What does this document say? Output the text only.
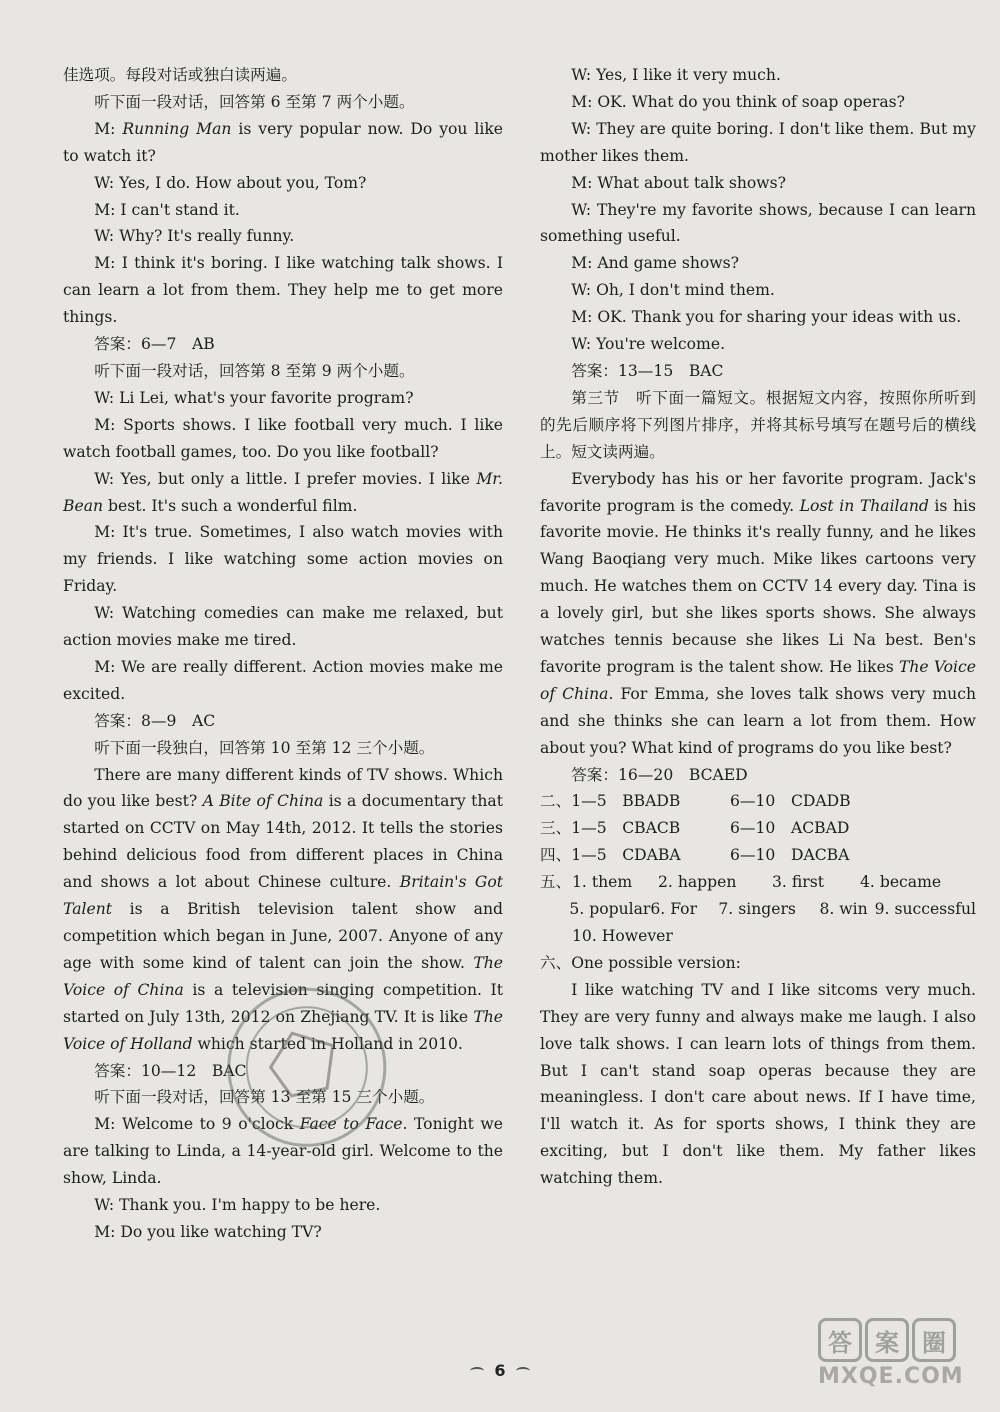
佳选项。每段对话或独白读两遍。

听下面一段对话，回答第 6 至第 7 两个小题。

M: Running Man is very popular now. Do you like to watch it?

W: Yes, I do. How about you, Tom?

M: I can't stand it.

W: Why? It's really funny.

M: I think it's boring. I like watching talk shows. I can learn a lot from them. They help me to get more things.

答案：6—7　AB

听下面一段对话，回答第 8 至第 9 两个小题。

W: Li Lei, what's your favorite program?

M: Sports shows. I like football very much. I like watch football games, too. Do you like football?

W: Yes, but only a little. I prefer movies. I like Mr. Bean best. It's such a wonderful film.

M: It's true. Sometimes, I also watch movies with my friends. I like watching some action movies on Friday.

W: Watching comedies can make me relaxed, but action movies make me tired.

M: We are really different. Action movies make me excited.

答案：8—9　AC

听下面一段独白，回答第 10 至第 12 三个小题。

There are many different kinds of TV shows. Which do you like best? A Bite of China is a documentary that started on CCTV on May 14th, 2012. It tells the stories behind delicious food from different places in China and shows a lot about Chinese culture. Britain's Got Talent is a British television talent show and competition which began in June, 2007. Anyone of any age with some kind of talent can join the show. The Voice of China is a television singing competition. It started on July 13th, 2012 on Zhejiang TV. It is like The Voice of Holland which started in Holland in 2010.

答案：10—12　BAC

听下面一段对话，回答第 13 至第 15 三个小题。

M: Welcome to 9 o'clock Face to Face. Tonight we are talking to Linda, a 14-year-old girl. Welcome to the show, Linda.

W: Thank you. I'm happy to be here.

M: Do you like watching TV?

W: Yes, I like it very much.

M: OK. What do you think of soap operas?

W: They are quite boring. I don't like them. But my mother likes them.

M: What about talk shows?

W: They're my favorite shows, because I can learn something useful.

M: And game shows?

W: Oh, I don't mind them.

M: OK. Thank you for sharing your ideas with us.

W: You're welcome.

答案：13—15　BAC

第三节　听下面一篇短文。根据短文内容，按照你所听到的先后顺序将下列图片排序，并将其标号填写在题号后的横线上。短文读两遍。

Everybody has his or her favorite program. Jack's favorite program is the comedy. Lost in Thailand is his favorite movie. He thinks it's really funny, and he likes Wang Baoqiang very much. Mike likes cartoons very much. He watches them on CCTV 14 every day. Tina is a lovely girl, but she likes sports shows. She always watches tennis because she likes Li Na best. Ben's favorite program is the talent show. He likes The Voice of China. For Emma, she loves talk shows very much and she thinks she can learn a lot from them. How about you? What kind of programs do you like best?

答案：16—20　BCAED

二、1—5　BBADB	6—10　CDADB
三、1—5　CBACB	6—10　ACBAD
四、1—5　CDABA	6—10　DACBA
五、 1. them	2. happen	3. first	4. became
5. popular 6. For	7. singers	8. win 9. successful
10. However

六、One possible version:

I like watching TV and I like sitcoms very much. They are very funny and always make me laugh. I also love talk shows. I can learn lots of things from them. But I can't stand soap operas because they are meaningless. I don't care about news. If I have time, I'll watch it. As for sports shows, I think they are exciting, but I don't like them. My father likes watching them.

6
答 案 圈
MXQE.COM
